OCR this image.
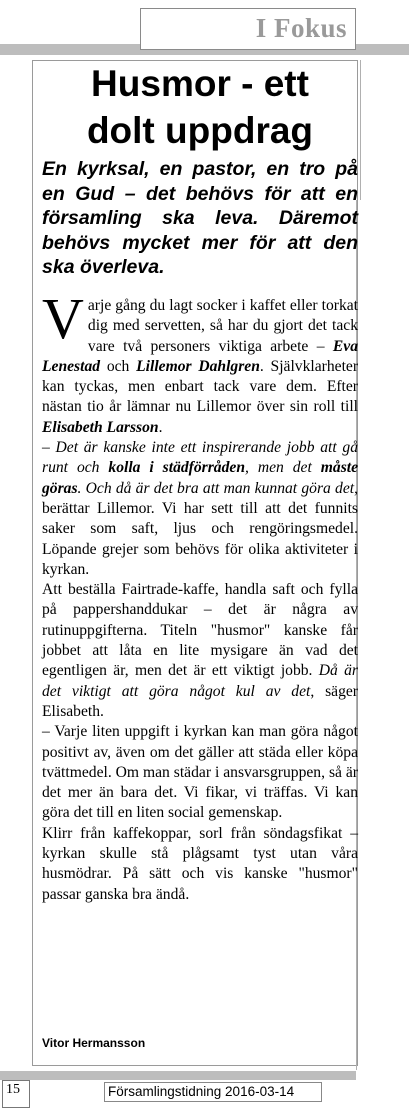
I Fokus
Husmor - ett
dolt uppdrag

En kyrksal, en pastor, en tro på en Gud – det behövs för att en församling ska leva. Däremot behövs mycket mer för att den ska överleva.

Varje gång du lagt socker i kaffet eller torkat dig med servetten, så har du gjort det tack vare två personers viktiga arbete – Eva Lenestad och Lillemor Dahlgren. Självklarheter kan tyckas, men enbart tack vare dem. Efter nästan tio år lämnar nu Lillemor över sin roll till Elisabeth Larsson.

– Det är kanske inte ett inspirerande jobb att gå runt och kolla i städförråden, men det måste göras. Och då är det bra att man kunnat göra det, berättar Lillemor. Vi har sett till att det funnits saker som saft, ljus och rengöringsmedel. Löpande grejer som behövs för olika aktiviteter i kyrkan.

Att beställa Fairtrade-kaffe, handla saft och fylla på pappershanddukar – det är några av rutinuppgifterna. Titeln "husmor" kanske får jobbet att låta en lite mysigare än vad det egentligen är, men det är ett viktigt jobb. Då är det viktigt att göra något kul av det, säger Elisabeth.

– Varje liten uppgift i kyrkan kan man göra något positivt av, även om det gäller att städa eller köpa tvättmedel. Om man städar i ansvarsgruppen, så är det mer än bara det. Vi fikar, vi träffas. Vi kan göra det till en liten social gemenskap.

Klirr från kaffekoppar, sorl från söndagsfikat – kyrkan skulle stå plågsamt tyst utan våra husmödrar. På sätt och vis kanske "husmor" passar ganska bra ändå.

Vitor Hermansson
15	Församlingstidning 2016-03-14
